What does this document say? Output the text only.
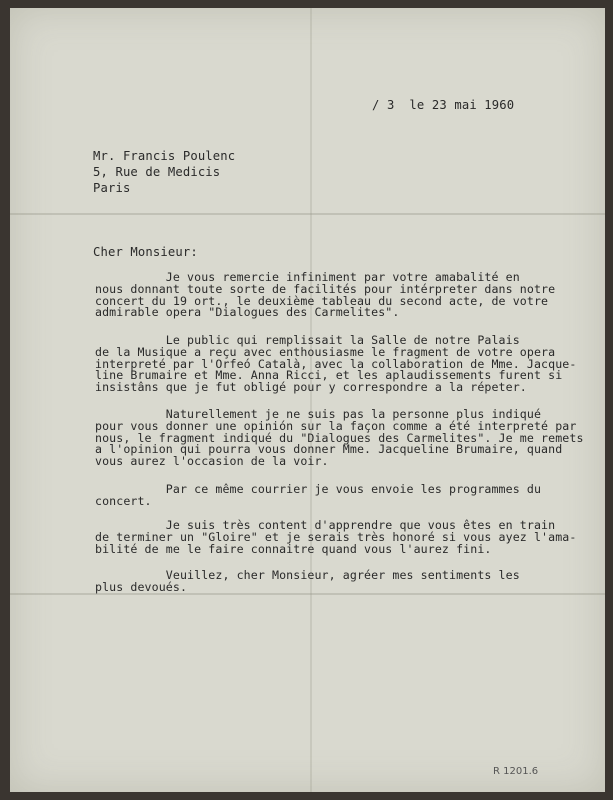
/ 3  le 23 mai 1960

Mr. Francis Poulenc

5, Rue de Medicis

Paris

Cher Monsieur:

Je vous remercie infiniment par votre amabalité en
nous donnant toute sorte de facilités pour intérpreter dans notre
concert du 19 ort., le deuxième tableau du second acte, de votre
admirable opera "Dialogues des Carmelites".
Le public qui remplissait la Salle de notre Palais
de la Musique a reçu avec enthousiasme le fragment de votre opera
interpreté par l'Orfeó Català, avec la collaboration de Mme. Jacque-
line Brumaire et Mme. Anna Ricci, et les aplaudissements furent si
insistâns que je fut obligé pour y correspondre a la répeter.
Naturellement je ne suis pas la personne plus indiqué
pour vous donner une opinión sur la façon comme a été interpreté par
nous, le fragment indiqué du "Dialogues des Carmelites". Je me remets
a l'opinion qui pourra vous donner Mme. Jacqueline Brumaire, quand
vous aurez l'occasion de la voir.
Par ce même courrier je vous envoie les programmes du
concert.
Je suis très content d'apprendre que vous êtes en train
de terminer un "Gloire" et je serais très honoré si vous ayez l'ama-
bilité de me le faire connaitre quand vous l'aurez fini.
Veuillez, cher Monsieur, agréer mes sentiments les
plus devoués.
R 1201.6
